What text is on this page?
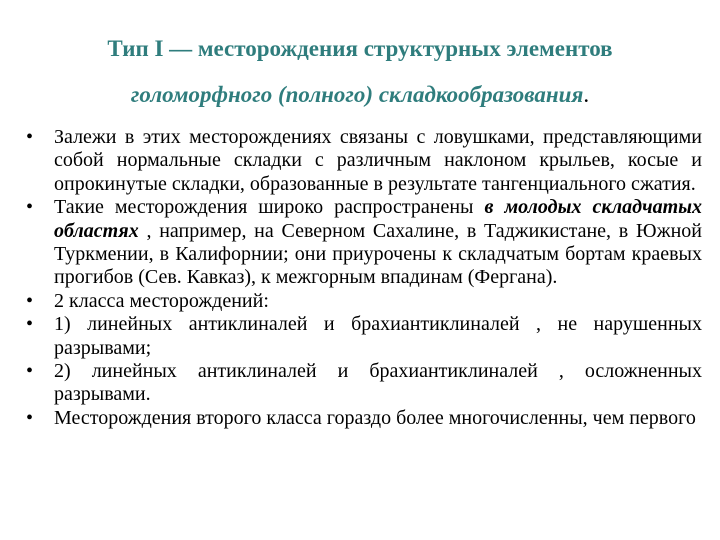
Тип I — месторождения структурных элементов
голоморфного (полного) складкообразования.
•	Залежи в этих месторождениях связаны с ловушками, представляющими собой нормальные складки с различным наклоном крыльев, косые и опрокинутые складки, образованные в результате тангенциального сжатия.
•	Такие месторождения широко распространены в молодых складчатых областях , например, на Северном Сахалине, в Таджикистане, в Южной Туркмении, в Калифорнии; они приурочены к складчатым бортам краевых прогибов (Сев. Кавказ), к межгорным впадинам (Фергана).
•	2 класса месторождений:
•	1) линейных антиклиналей и брахиантиклиналей , не нарушенных разрывами;
•	2) линейных антиклиналей и брахиантиклиналей , осложненных разрывами.
•	Месторождения второго класса гораздо более многочисленны, чем первого
